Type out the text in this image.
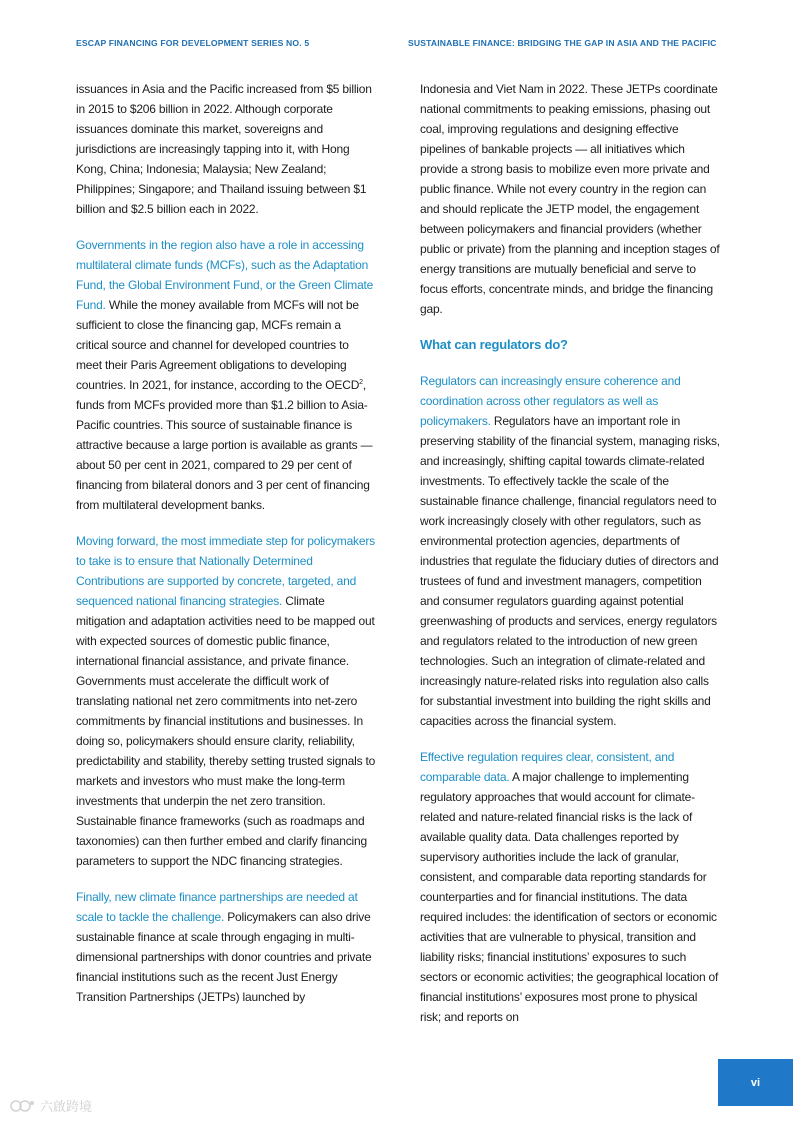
ESCAP FINANCING FOR DEVELOPMENT SERIES NO. 5	SUSTAINABLE FINANCE: BRIDGING THE GAP IN ASIA AND THE PACIFIC

issuances in Asia and the Pacific increased from $5 billion in 2015 to $206 billion in 2022. Although corporate issuances dominate this market, sovereigns and jurisdictions are increasingly tapping into it, with Hong Kong, China; Indonesia; Malaysia; New Zealand; Philippines; Singapore; and Thailand issuing between $1 billion and $2.5 billion each in 2022.

Governments in the region also have a role in accessing multilateral climate funds (MCFs), such as the Adaptation Fund, the Global Environment Fund, or the Green Climate Fund. While the money available from MCFs will not be sufficient to close the financing gap, MCFs remain a critical source and channel for developed countries to meet their Paris Agreement obligations to developing countries. In 2021, for instance, according to the OECD$^2$, funds from MCFs provided more than $1.2 billion to Asia-Pacific countries. This source of sustainable finance is attractive because a large portion is available as grants — about 50 per cent in 2021, compared to 29 per cent of financing from bilateral donors and 3 per cent of financing from multilateral development banks.

Moving forward, the most immediate step for policymakers to take is to ensure that Nationally Determined Contributions are supported by concrete, targeted, and sequenced national financing strategies. Climate mitigation and adaptation activities need to be mapped out with expected sources of domestic public finance, international financial assistance, and private finance. Governments must accelerate the difficult work of translating national net zero commitments into net-zero commitments by financial institutions and businesses. In doing so, policymakers should ensure clarity, reliability, predictability and stability, thereby setting trusted signals to markets and investors who must make the long-term investments that underpin the net zero transition. Sustainable finance frameworks (such as roadmaps and taxonomies) can then further embed and clarify financing parameters to support the NDC financing strategies.

Finally, new climate finance partnerships are needed at scale to tackle the challenge. Policymakers can also drive sustainable finance at scale through engaging in multi-dimensional partnerships with donor countries and private financial institutions such as the recent Just Energy Transition Partnerships (JETPs) launched by

Indonesia and Viet Nam in 2022. These JETPs coordinate national commitments to peaking emissions, phasing out coal, improving regulations and designing effective pipelines of bankable projects — all initiatives which provide a strong basis to mobilize even more private and public finance. While not every country in the region can and should replicate the JETP model, the engagement between policymakers and financial providers (whether public or private) from the planning and inception stages of energy transitions are mutually beneficial and serve to focus efforts, concentrate minds, and bridge the financing gap.

What can regulators do?

Regulators can increasingly ensure coherence and coordination across other regulators as well as policymakers. Regulators have an important role in preserving stability of the financial system, managing risks, and increasingly, shifting capital towards climate-related investments. To effectively tackle the scale of the sustainable finance challenge, financial regulators need to work increasingly closely with other regulators, such as environmental protection agencies, departments of industries that regulate the fiduciary duties of directors and trustees of fund and investment managers, competition and consumer regulators guarding against potential greenwashing of products and services, energy regulators and regulators related to the introduction of new green technologies. Such an integration of climate-related and increasingly nature-related risks into regulation also calls for substantial investment into building the right skills and capacities across the financial system.

Effective regulation requires clear, consistent, and comparable data. A major challenge to implementing regulatory approaches that would account for climate-related and nature-related financial risks is the lack of available quality data. Data challenges reported by supervisory authorities include the lack of granular, consistent, and comparable data reporting standards for counterparties and for financial institutions. The data required includes: the identification of sectors or economic activities that are vulnerable to physical, transition and liability risks; financial institutions’ exposures to such sectors or economic activities; the geographical location of financial institutions’ exposures most prone to physical risk; and reports on

vi
六啟跨境
